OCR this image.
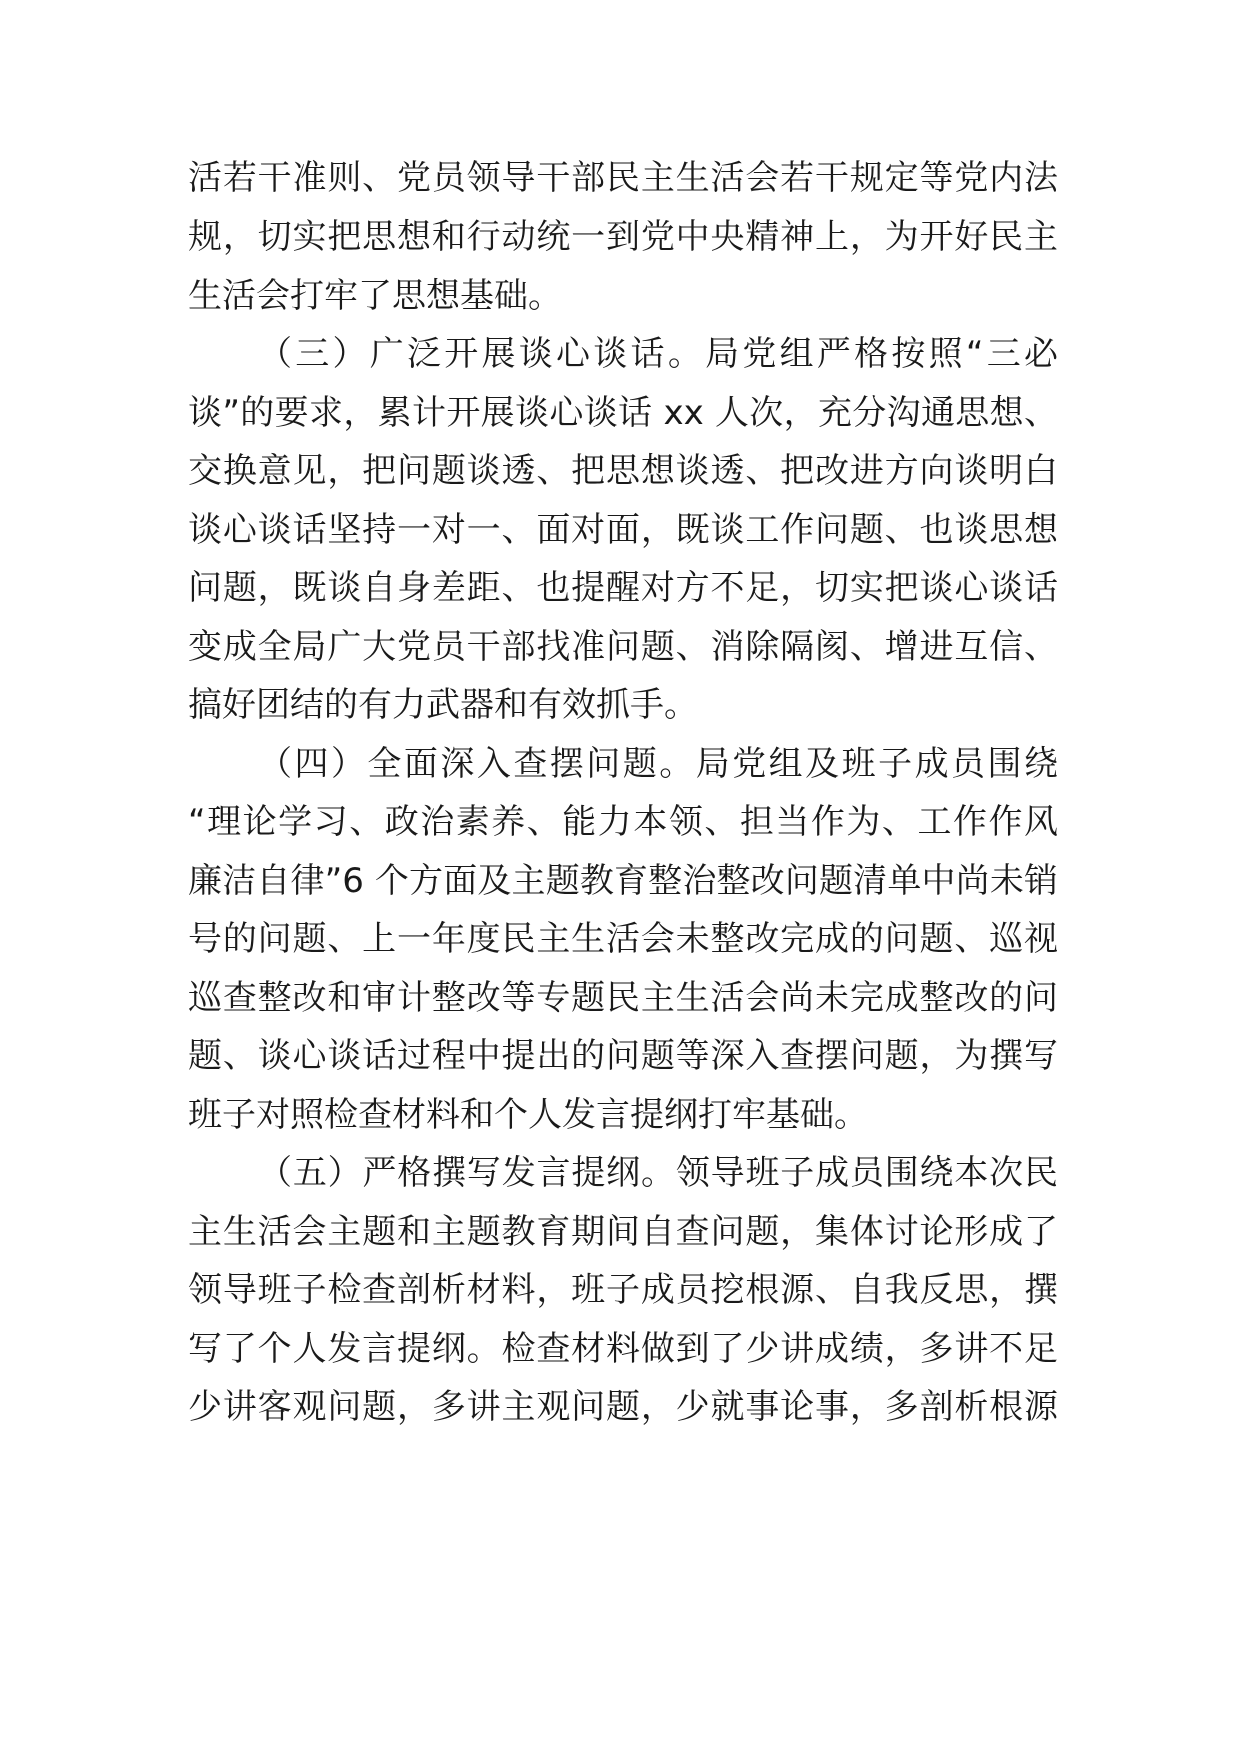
活若干准则、党员领导干部民主生活会若干规定等党内法

规，切实把思想和行动统一到党中央精神上，为开好民主

生活会打牢了思想基础。

（三）广泛开展谈心谈话。局党组严格按照“三必

谈”的要求，累计开展谈心谈话 xx 人次，充分沟通思想、

交换意见，把问题谈透、把思想谈透、把改进方向谈明白

谈心谈话坚持一对一、面对面，既谈工作问题、也谈思想

问题，既谈自身差距、也提醒对方不足，切实把谈心谈话

变成全局广大党员干部找准问题、消除隔阂、增进互信、

搞好团结的有力武器和有效抓手。

（四）全面深入查摆问题。局党组及班子成员围绕

“理论学习、政治素养、能力本领、担当作为、工作作风

廉洁自律”6 个方面及主题教育整治整改问题清单中尚未销

号的问题、上一年度民主生活会未整改完成的问题、巡视

巡查整改和审计整改等专题民主生活会尚未完成整改的问

题、谈心谈话过程中提出的问题等深入查摆问题，为撰写

班子对照检查材料和个人发言提纲打牢基础。

（五）严格撰写发言提纲。领导班子成员围绕本次民

主生活会主题和主题教育期间自查问题，集体讨论形成了

领导班子检查剖析材料，班子成员挖根源、自我反思，撰

写了个人发言提纲。检查材料做到了少讲成绩，多讲不足

少讲客观问题，多讲主观问题，少就事论事，多剖析根源
